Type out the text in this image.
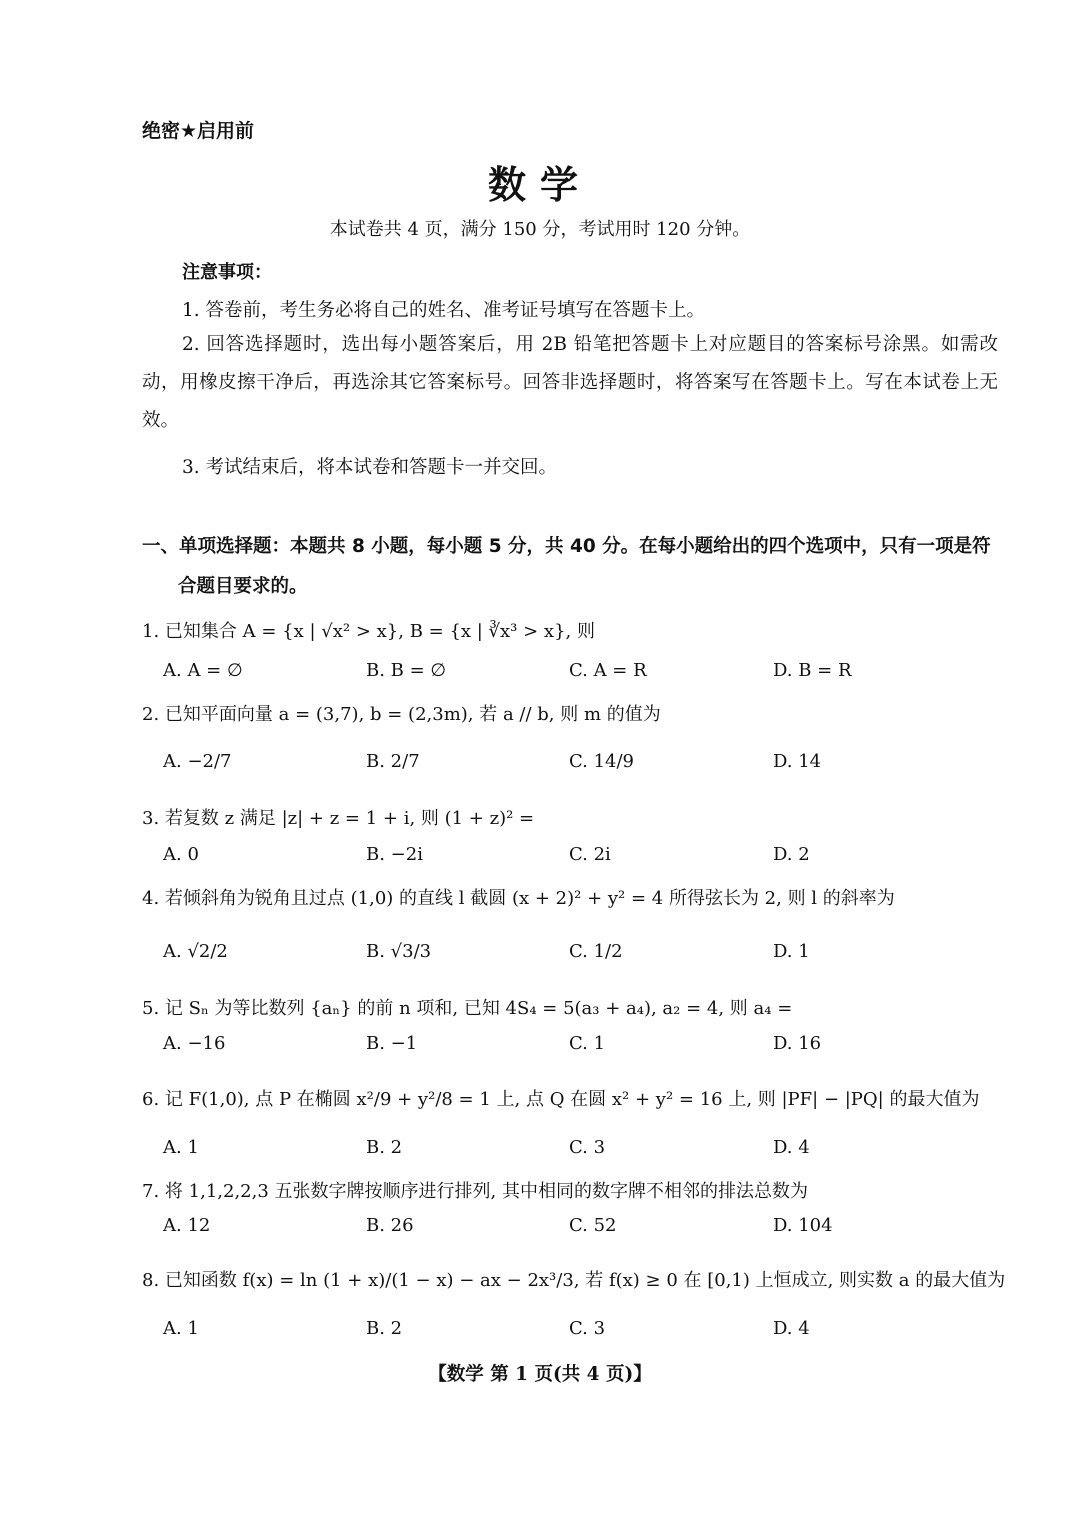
绝密★启用前
数学
本试卷共 4 页，满分 150 分，考试用时 120 分钟。
注意事项：
1. 答卷前，考生务必将自己的姓名、准考证号填写在答题卡上。
2. 回答选择题时，选出每小题答案后，用 2B 铅笔把答题卡上对应题目的答案标号涂黑。如需改动，用橡皮擦干净后，再选涂其它答案标号。回答非选择题时，将答案写在答题卡上。写在本试卷上无效。
3. 考试结束后，将本试卷和答题卡一并交回。
一、单项选择题：本题共 8 小题，每小题 5 分，共 40 分。在每小题给出的四个选项中，只有一项是符
合题目要求的。
1. 已知集合 A = {x | √x² > x}, B = {x | ∛x³ > x}, 则
A. A = ∅	B. B = ∅	C. A = R	D. B = R
2. 已知平面向量 a = (3,7), b = (2,3m), 若 a // b, 则 m 的值为
A. −2/7	B. 2/7	C. 14/9	D. 14
3. 若复数 z 满足 |z| + z = 1 + i, 则 (1 + z)² =
A. 0	B. −2i	C. 2i	D. 2
4. 若倾斜角为锐角且过点 (1,0) 的直线 l 截圆 (x + 2)² + y² = 4 所得弦长为 2, 则 l 的斜率为
A. √2/2	B. √3/3	C. 1/2	D. 1
5. 记 Sₙ 为等比数列 {aₙ} 的前 n 项和, 已知 4S₄ = 5(a₃ + a₄), a₂ = 4, 则 a₄ =
A. −16	B. −1	C. 1	D. 16
6. 记 F(1,0), 点 P 在椭圆 x²/9 + y²/8 = 1 上, 点 Q 在圆 x² + y² = 16 上, 则 |PF| − |PQ| 的最大值为
A. 1	B. 2	C. 3	D. 4
7. 将 1,1,2,2,3 五张数字牌按顺序进行排列, 其中相同的数字牌不相邻的排法总数为
A. 12	B. 26	C. 52	D. 104
8. 已知函数 f(x) = ln (1 + x)/(1 − x) − ax − 2x³/3, 若 f(x) ≥ 0 在 [0,1) 上恒成立, 则实数 a 的最大值为
A. 1	B. 2	C. 3	D. 4
【数学 第 1 页(共 4 页)】
